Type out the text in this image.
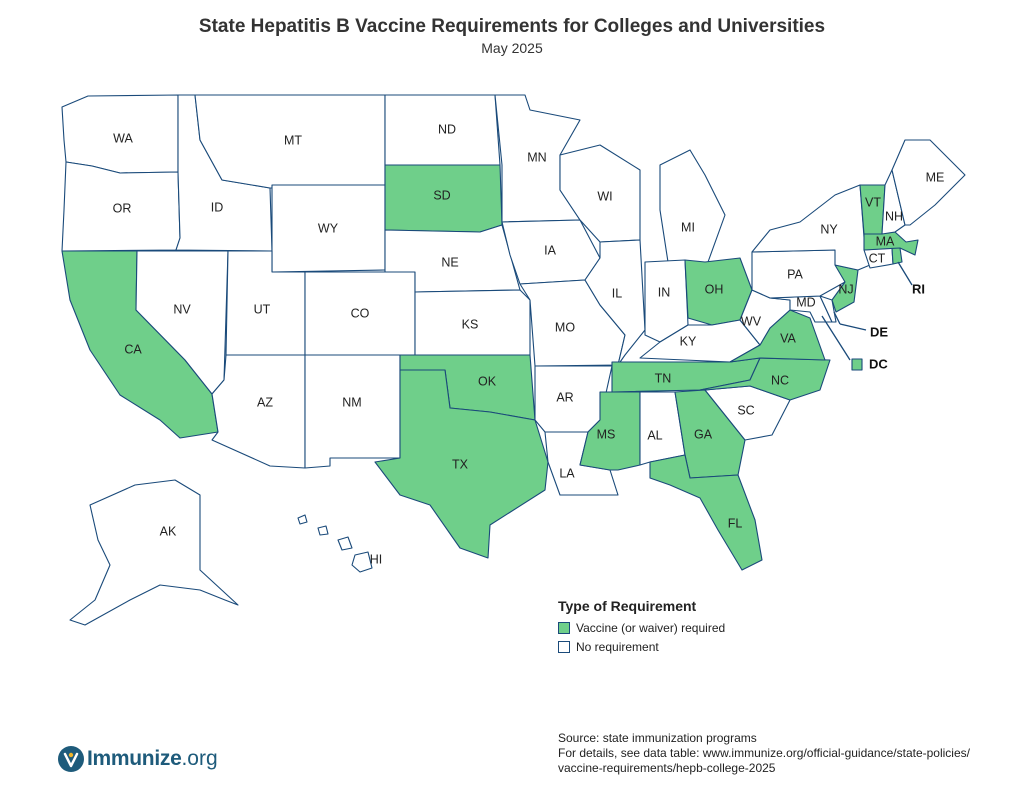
State Hepatitis B Vaccine Requirements for Colleges and Universities
May 2025
WA
OR
CA
NV
ID
MT
WY
UT
AZ
CO
NM
ND
SD
NE
KS
OK
TX
MN
IA
MO
AR
LA
WI
IL
MI
IN	OH
KY
TN
MS	AL	GA
FL
SC
NC
VA
WV
MD
PA
NJ
NY
CT
MA
VT
NH
ME
AK
HI
RI
DE
DC
Type of Requirement
Vaccine (or waiver) required
No requirement
Source: state immunization programs
For details, see data table: www.immunize.org/official-guidance/state-policies/
vaccine-requirements/hepb-college-2025
Immunize .org
